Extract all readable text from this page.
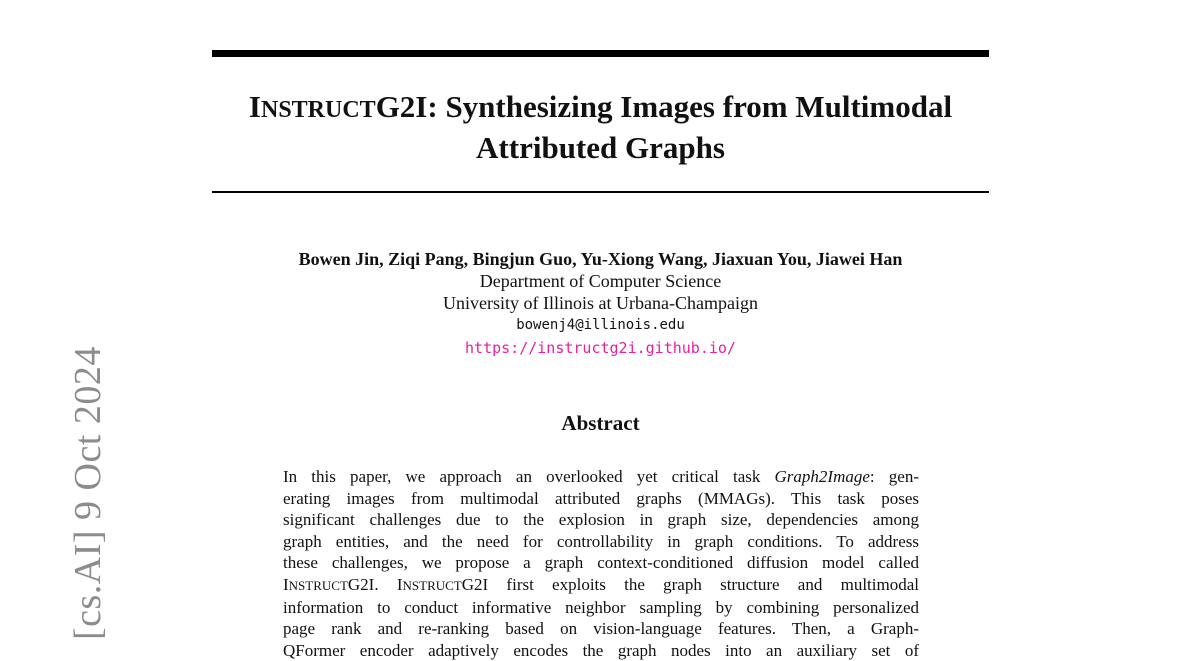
[cs.AI] 9 Oct 2024
INSTRUCTG2I: Synthesizing Images from Multimodal
Attributed Graphs
Bowen Jin, Ziqi Pang, Bingjun Guo, Yu-Xiong Wang, Jiaxuan You, Jiawei Han
Department of Computer Science
University of Illinois at Urbana-Champaign
bowenj4@illinois.edu
https://instructg2i.github.io/
Abstract
In this paper, we approach an overlooked yet critical task Graph2Image: gen-
erating images from multimodal attributed graphs (MMAGs). This task poses
significant challenges due to the explosion in graph size, dependencies among
graph entities, and the need for controllability in graph conditions. To address
these challenges, we propose a graph context-conditioned diffusion model called
INSTRUCTG2I. INSTRUCTG2I first exploits the graph structure and multimodal
information to conduct informative neighbor sampling by combining personalized
page rank and re-ranking based on vision-language features. Then, a Graph-
QFormer encoder adaptively encodes the graph nodes into an auxiliary set of
